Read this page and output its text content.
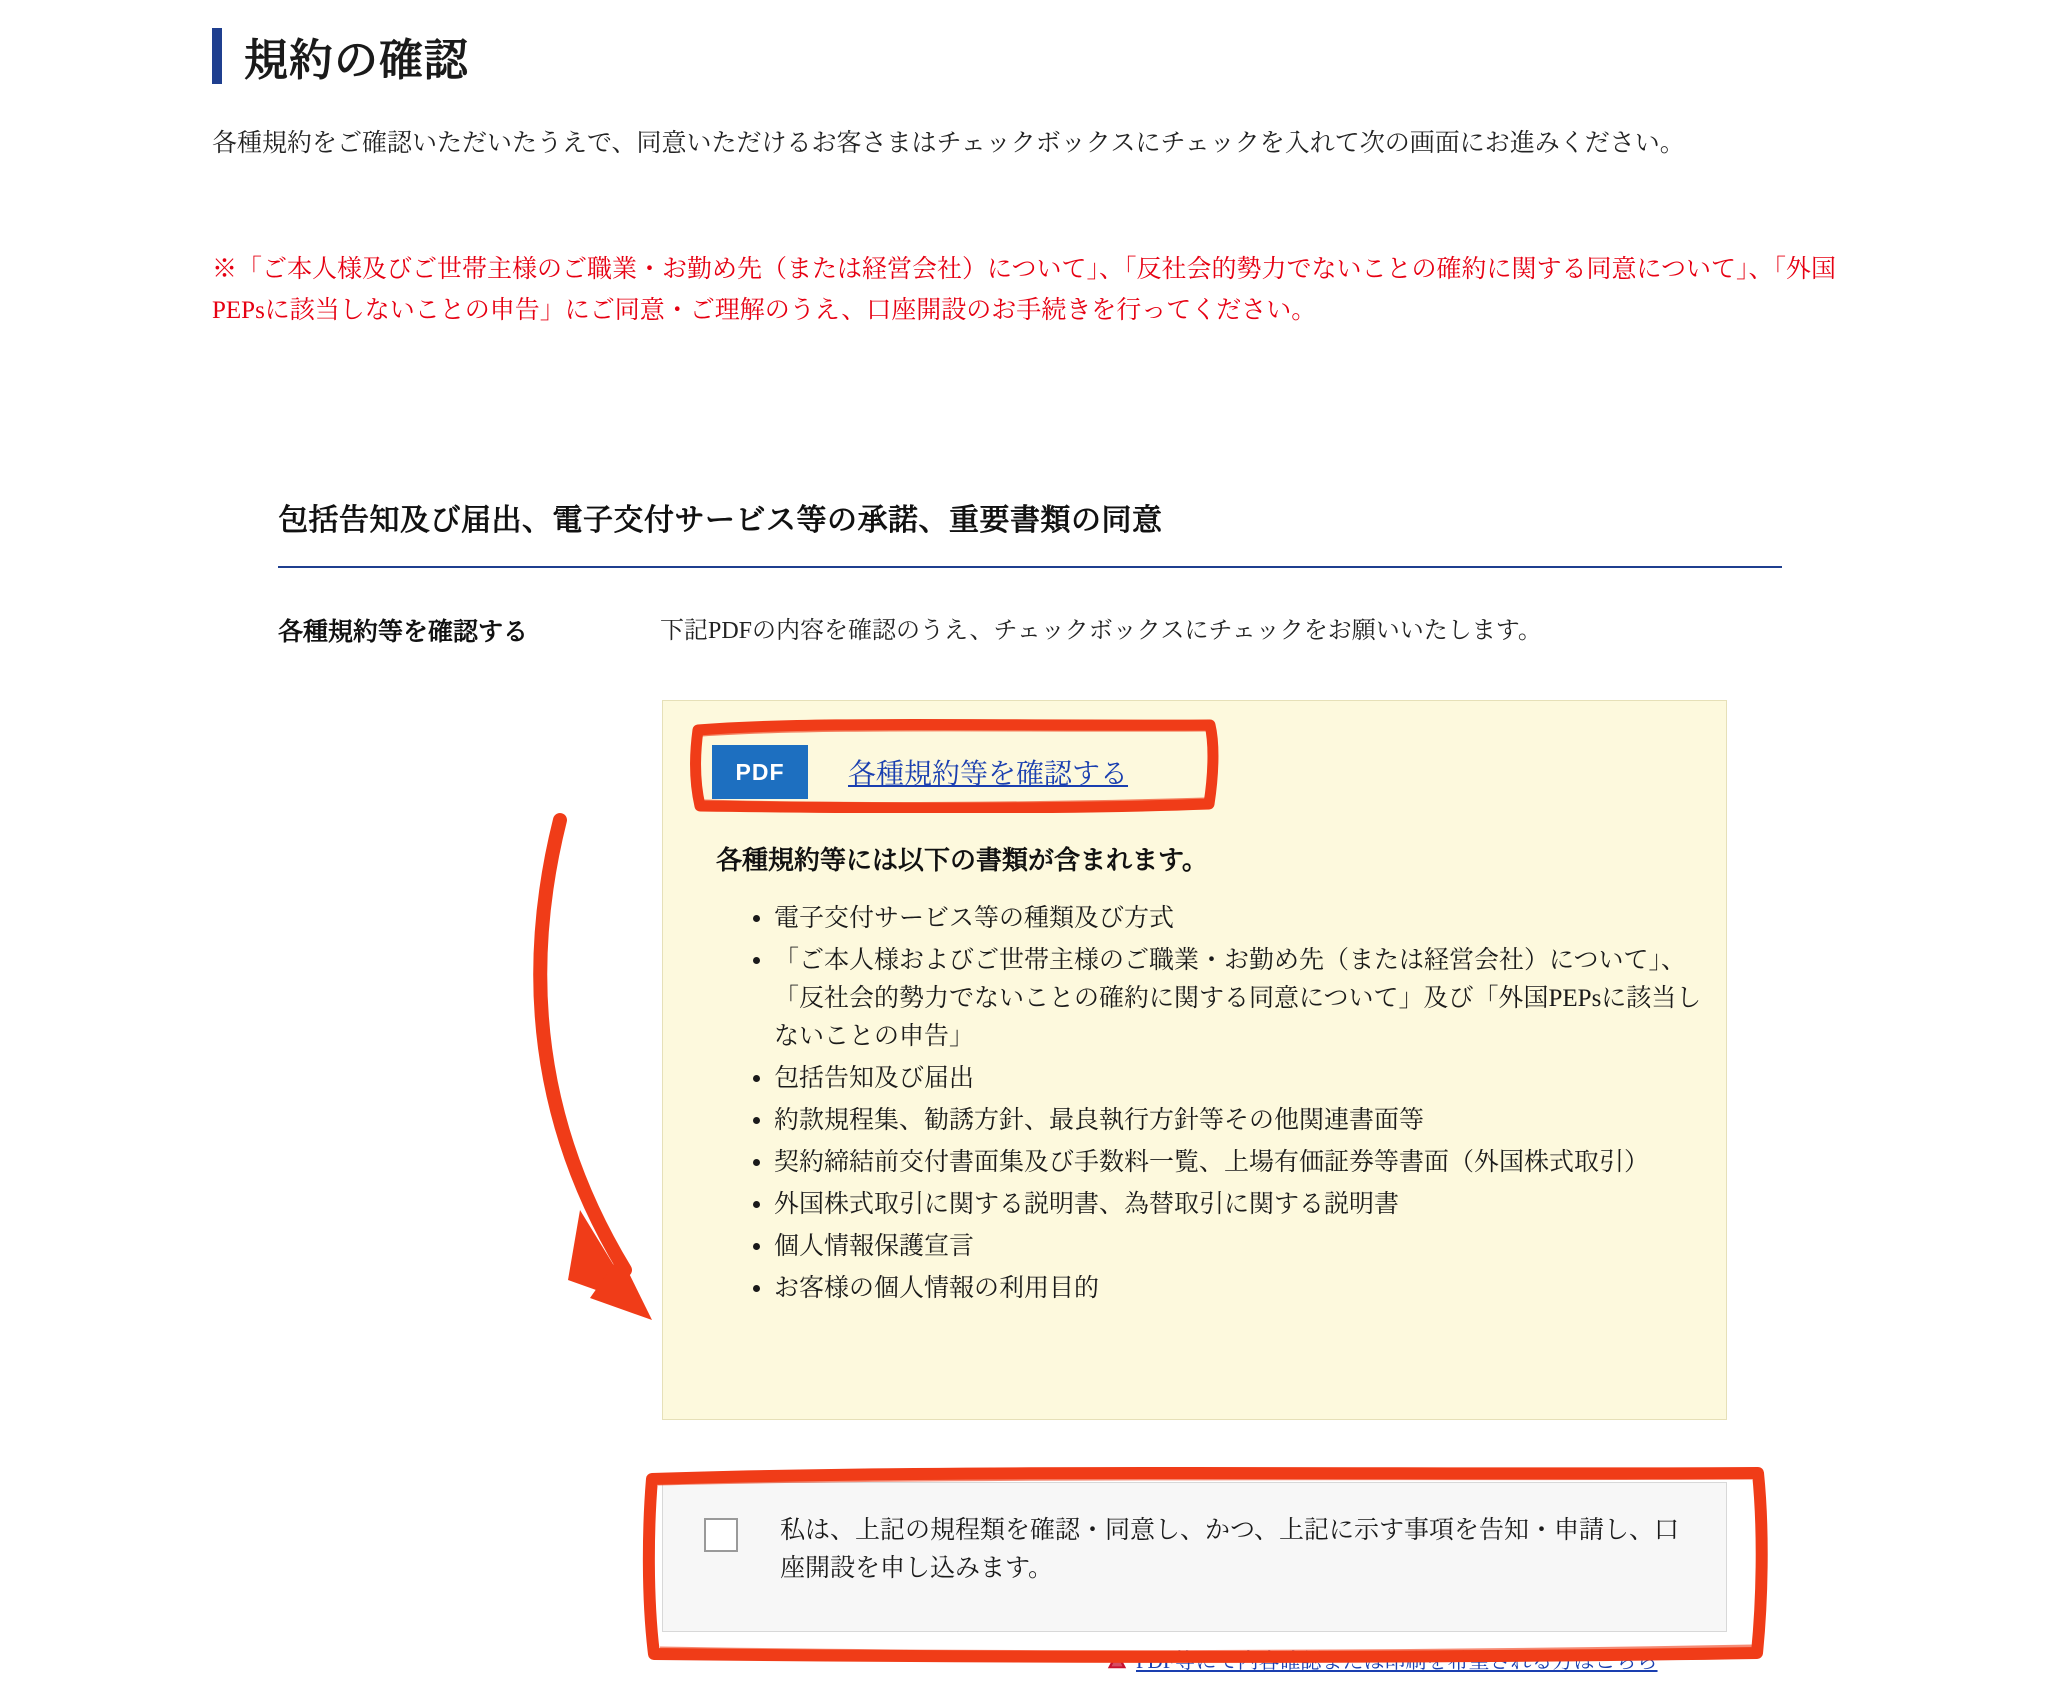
規約の確認
各種規約をご確認いただいたうえで、同意いただけるお客さまはチェックボックスにチェックを入れて次の画面にお進みください。
※「ご本人様及びご世帯主様のご職業・お勤め先（または経営会社）について」、「反社会的勢力でないことの確約に関する同意について」、「外国PEPsに該当しないことの申告」にご同意・ご理解のうえ、口座開設のお手続きを行ってください。
包括告知及び届出、電子交付サービス等の承諾、重要書類の同意
各種規約等を確認する	下記PDFの内容を確認のうえ、チェックボックスにチェックをお願いいたします。
PDF	各種規約等を確認する
各種規約等には以下の書類が含まれます。
• 電子交付サービス等の種類及び方式
• 「ご本人様およびご世帯主様のご職業・お勤め先（または経営会社）について」、「反社会的勢力でないことの確約に関する同意について」及び「外国PEPsに該当しないことの申告」
• 包括告知及び届出
• 約款規程集、勧誘方針、最良執行方針等その他関連書面等
• 契約締結前交付書面集及び手数料一覧、上場有価証券等書面（外国株式取引）
• 外国株式取引に関する説明書、為替取引に関する説明書
• 個人情報保護宣言
• お客様の個人情報の利用目的
私は、上記の規程類を確認・同意し、かつ、上記に示す事項を告知・申請し、口座開設を申し込みます。
PDF等にて内容確認または印刷を希望される方はこちら
